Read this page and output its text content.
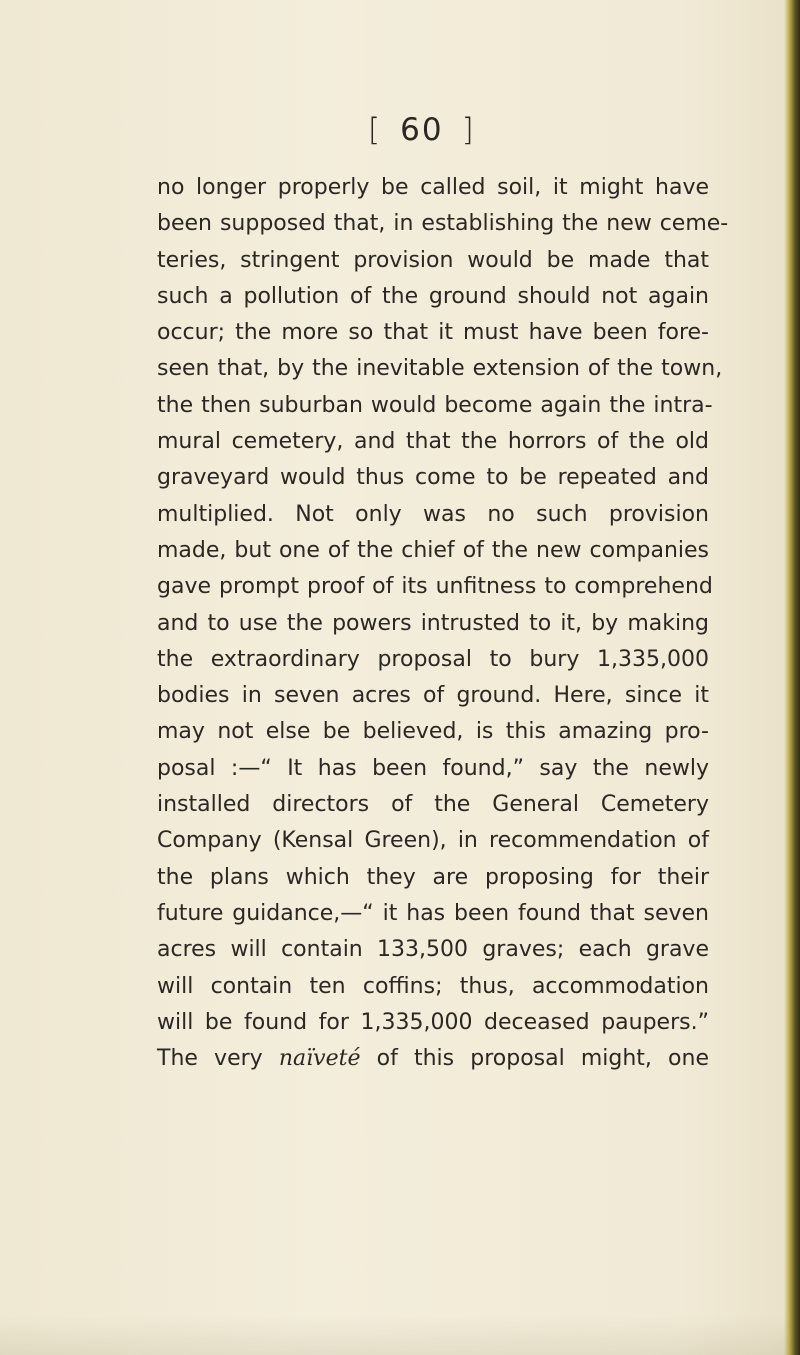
[ 60 ]
no longer properly be called soil, it might have
been supposed that, in establishing the new ceme-
teries, stringent provision would be made that
such a pollution of the ground should not again
occur; the more so that it must have been fore-
seen that, by the inevitable extension of the town,
the then suburban would become again the intra-
mural cemetery, and that the horrors of the old
graveyard would thus come to be repeated and
multiplied. Not only was no such provision
made, but one of the chief of the new companies
gave prompt proof of its unfitness to comprehend
and to use the powers intrusted to it, by making
the extraordinary proposal to bury 1,335,000
bodies in seven acres of ground. Here, since it
may not else be believed, is this amazing pro-
posal :—“ It has been found,” say the newly
installed directors of the General Cemetery
Company (Kensal Green), in recommendation of
the plans which they are proposing for their
future guidance,—“ it has been found that seven
acres will contain 133,500 graves; each grave
will contain ten coffins; thus, accommodation
will be found for 1,335,000 deceased paupers.”
The very naïveté of this proposal might, one
